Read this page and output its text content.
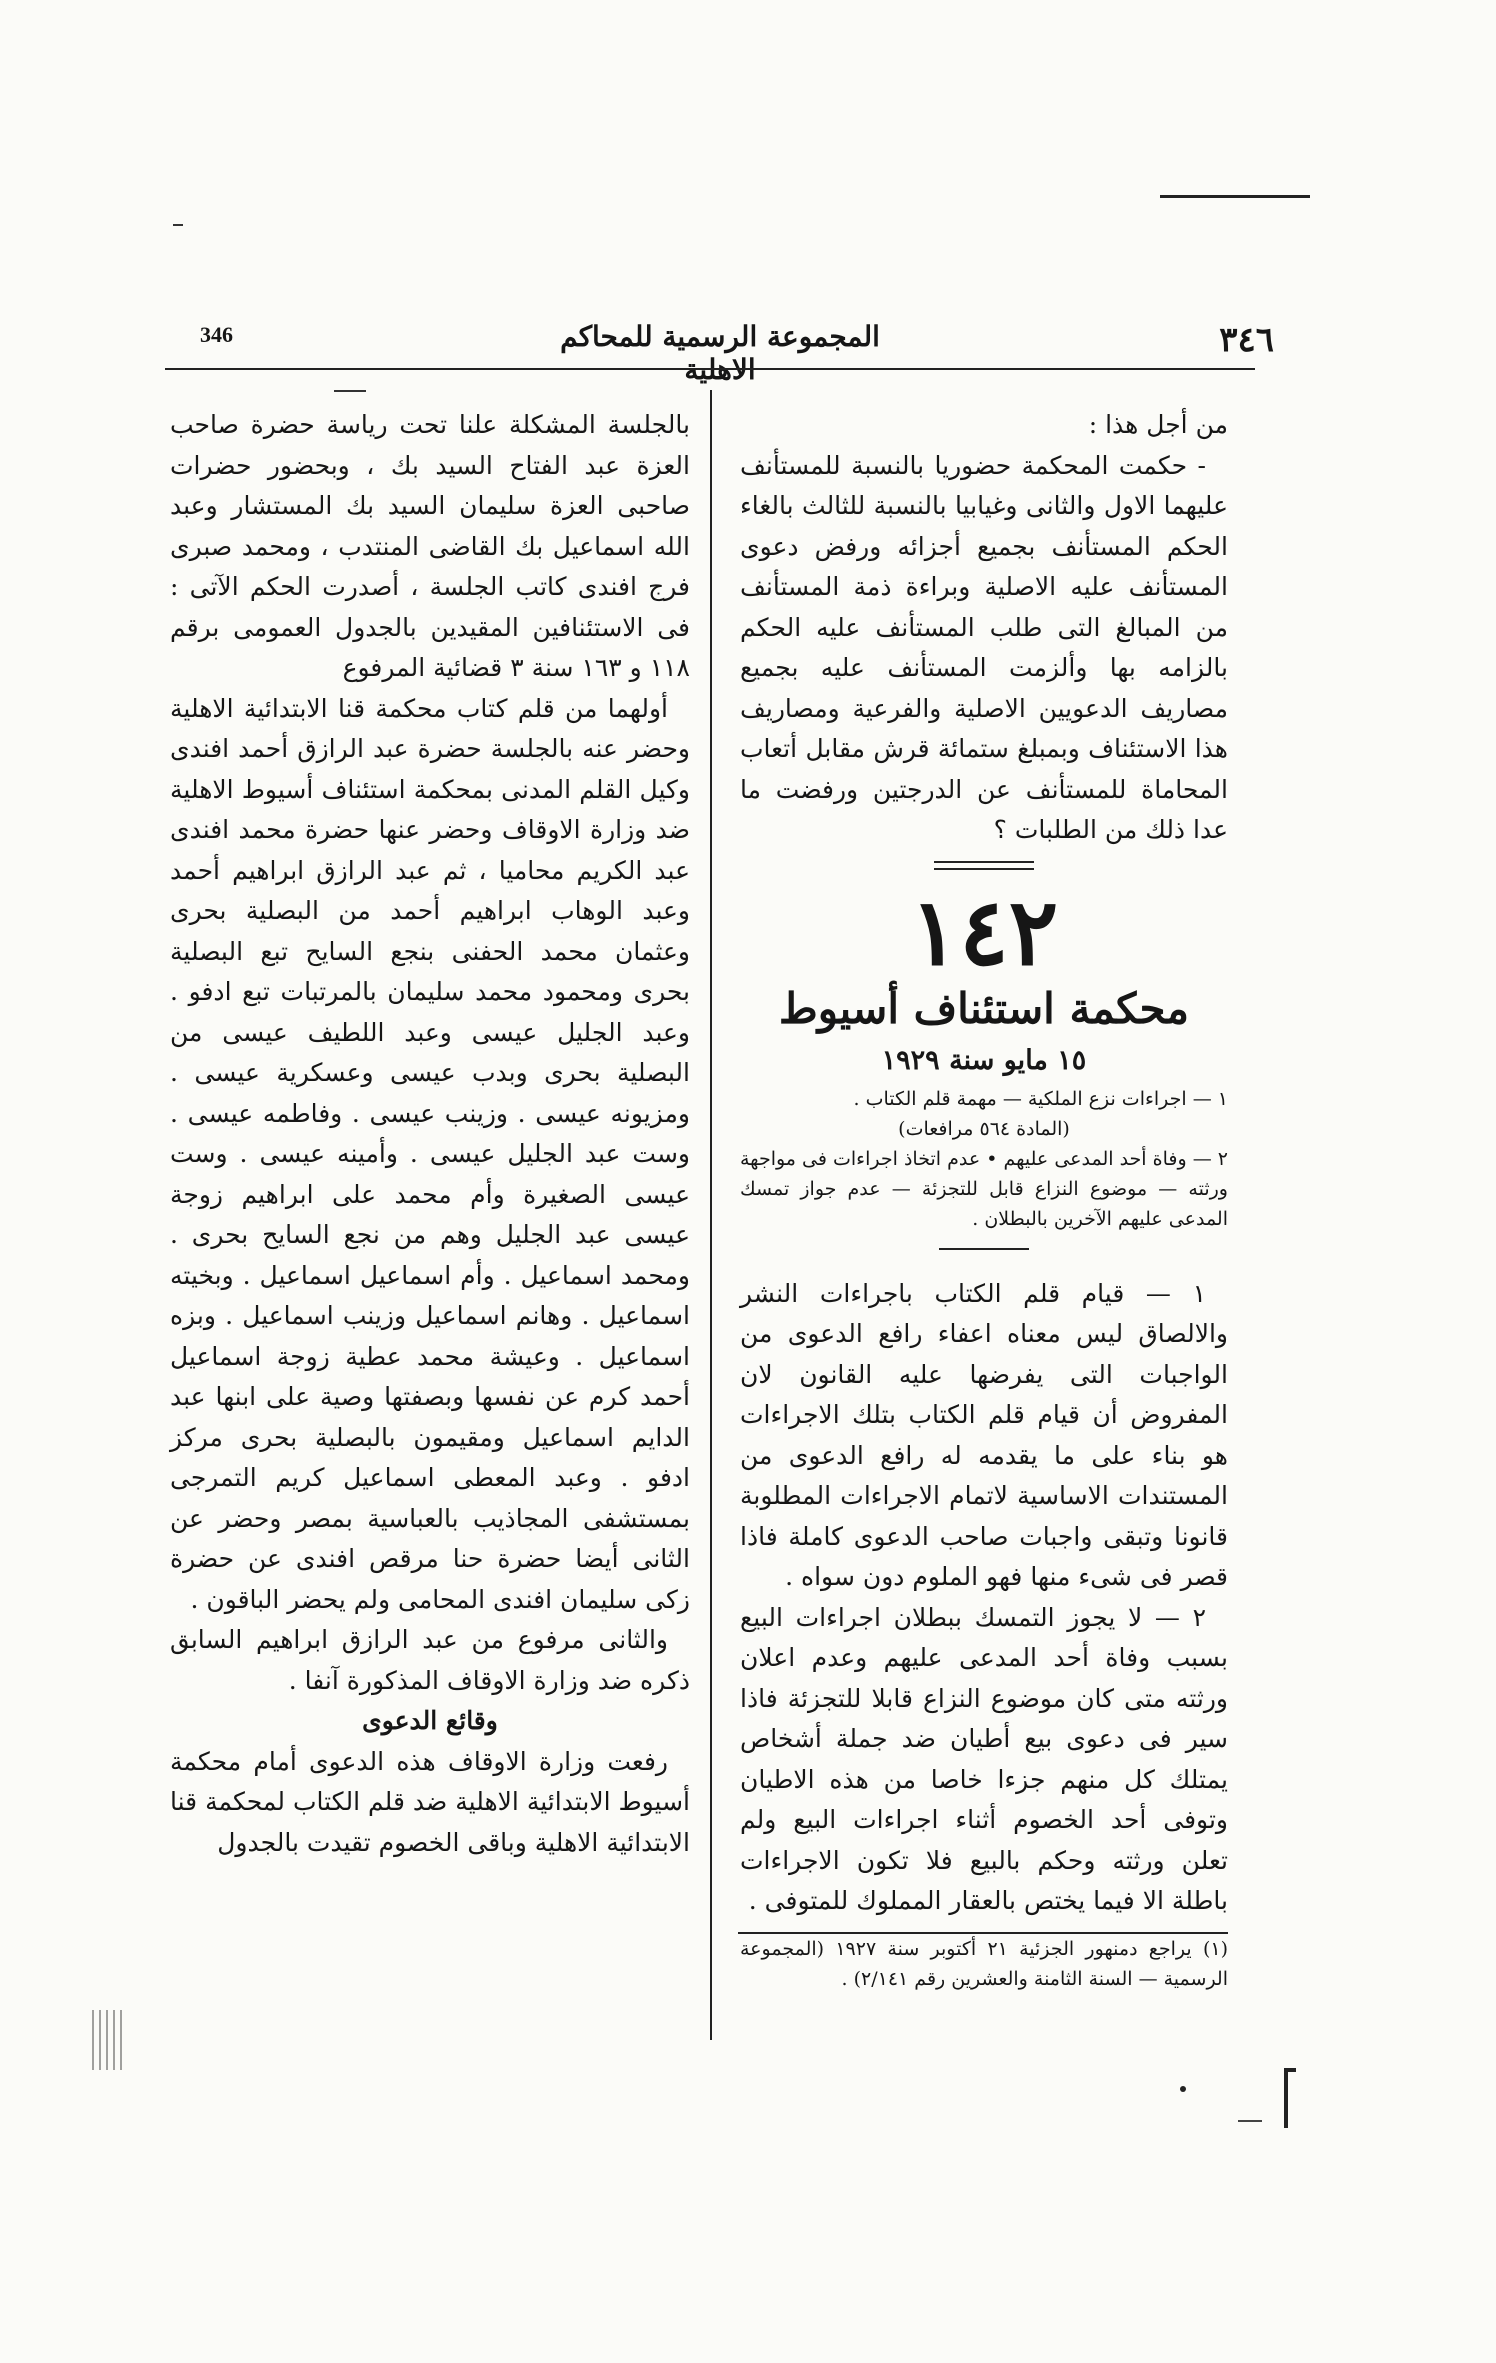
٣٤٦
المجموعة الرسمية للمحاكم الاهلية
346

من أجل هذا :

- حكمت المحكمة حضوريا بالنسبة للمستأنف عليهما الاول والثانى وغيابيا بالنسبة للثالث بالغاء الحكم المستأنف بجميع أجزائه ورفض دعوى المستأنف عليه الاصلية وبراءة ذمة المستأنف من المبالغ التى طلب المستأنف عليه الحكم بالزامه بها وألزمت المستأنف عليه بجميع مصاريف الدعويين الاصلية والفرعية ومصاريف هذا الاستئناف وبمبلغ ستمائة قرش مقابل أتعاب المحاماة للمستأنف عن الدرجتين ورفضت ما عدا ذلك من الطلبات ؟

١٤٢

محكمة استئناف أسيوط

١٥ مايو سنة ١٩٢٩

١ — اجراءات نزع الملكية — مهمة قلم الكتاب .

(المادة ٥٦٤ مرافعات)

٢ — وفاة أحد المدعى عليهم • عدم اتخاذ اجراءات فى مواجهة ورثته — موضوع النزاع قابل للتجزئة — عدم جواز تمسك المدعى عليهم الآخرين بالبطلان .

١ — قيام قلم الكتاب باجراءات النشر والالصاق ليس معناه اعفاء رافع الدعوى من الواجبات التى يفرضها عليه القانون لان المفروض أن قيام قلم الكتاب بتلك الاجراءات هو بناء على ما يقدمه له رافع الدعوى من المستندات الاساسية لاتمام الاجراءات المطلوبة قانونا وتبقى واجبات صاحب الدعوى كاملة فاذا قصر فى شىء منها فهو الملوم دون سواه .

٢ — لا يجوز التمسك ببطلان اجراءات البيع بسبب وفاة أحد المدعى عليهم وعدم اعلان ورثته متى كان موضوع النزاع قابلا للتجزئة فاذا سير فى دعوى بيع أطيان ضد جملة أشخاص يمتلك كل منهم جزءا خاصا من هذه الاطيان وتوفى أحد الخصوم أثناء اجراءات البيع ولم تعلن ورثته وحكم بالبيع فلا تكون الاجراءات باطلة الا فيما يختص بالعقار المملوك للمتوفى .

(١) يراجع دمنهور الجزئية ٢١ أكتوبر سنة ١٩٢٧ (المجموعة الرسمية — السنة الثامنة والعشرين رقم ٢/١٤١) .

بالجلسة المشكلة علنا تحت رياسة حضرة صاحب العزة عبد الفتاح السيد بك ، وبحضور حضرات صاحبى العزة سليمان السيد بك المستشار وعبد الله اسماعيل بك القاضى المنتدب ، ومحمد صبرى فرج افندى كاتب الجلسة ، أصدرت الحكم الآتى : فى الاستئنافين المقيدين بالجدول العمومى برقم ١١٨ و ١٦٣ سنة ٣ قضائية المرفوع

أولهما من قلم كتاب محكمة قنا الابتدائية الاهلية وحضر عنه بالجلسة حضرة عبد الرازق أحمد افندى وكيل القلم المدنى بمحكمة استئناف أسيوط الاهلية ضد وزارة الاوقاف وحضر عنها حضرة محمد افندى عبد الكريم محاميا ، ثم عبد الرازق ابراهيم أحمد وعبد الوهاب ابراهيم أحمد من البصلية بحرى وعثمان محمد الحفنى بنجع السايح تبع البصلية بحرى ومحمود محمد سليمان بالمرتبات تبع ادفو . وعبد الجليل عيسى وعبد اللطيف عيسى من البصلية بحرى وبدب عيسى وعسكرية عيسى . ومزيونه عيسى . وزينب عيسى . وفاطمه عيسى . وست عبد الجليل عيسى . وأمينه عيسى . وست عيسى الصغيرة وأم محمد على ابراهيم زوجة عيسى عبد الجليل وهم من نجع السايح بحرى . ومحمد اسماعيل . وأم اسماعيل اسماعيل . وبخيته اسماعيل . وهانم اسماعيل وزينب اسماعيل . وبزه اسماعيل . وعيشة محمد عطية زوجة اسماعيل أحمد كرم عن نفسها وبصفتها وصية على ابنها عبد الدايم اسماعيل ومقيمون بالبصلية بحرى مركز ادفو . وعبد المعطى اسماعيل كريم التمرجى بمستشفى المجاذيب بالعباسية بمصر وحضر عن الثانى أيضا حضرة حنا مرقص افندى عن حضرة زكى سليمان افندى المحامى ولم يحضر الباقون .

والثانى مرفوع من عبد الرازق ابراهيم السابق ذكره ضد وزارة الاوقاف المذكورة آنفا .

وقائع الدعوى

رفعت وزارة الاوقاف هذه الدعوى أمام محكمة أسيوط الابتدائية الاهلية ضد قلم الكتاب لمحكمة قنا الابتدائية الاهلية وباقى الخصوم تقيدت بالجدول
